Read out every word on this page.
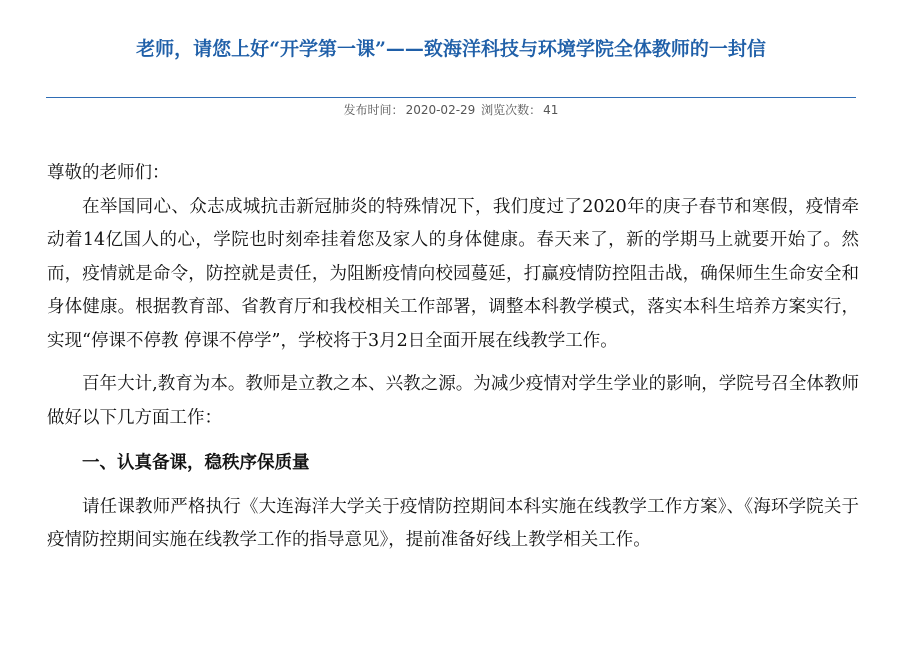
老师，请您上好“开学第一课”——致海洋科技与环境学院全体教师的一封信
发布时间： 2020-02-29 浏览次数： 41

尊敬的老师们：

在举国同心、众志成城抗击新冠肺炎的特殊情况下，我们度过了2020年的庚子春节和寒假，疫情牵动着14亿国人的心，学院也时刻牵挂着您及家人的身体健康。春天来了，新的学期马上就要开始了。然而，疫情就是命令，防控就是责任，为阻断疫情向校园蔓延，打赢疫情防控阻击战，确保师生生命安全和身体健康。根据教育部、省教育厅和我校相关工作部署，调整本科教学模式，落实本科生培养方案实行，实现“停课不停教 停课不停学”，学校将于3月2日全面开展在线教学工作。

百年大计,教育为本。教师是立教之本、兴教之源。为减少疫情对学生学业的影响，学院号召全体教师做好以下几方面工作：

一、认真备课，稳秩序保质量

请任课教师严格执行《大连海洋大学关于疫情防控期间本科实施在线教学工作方案》、《海环学院关于疫情防控期间实施在线教学工作的指导意见》，提前准备好线上教学相关工作。
